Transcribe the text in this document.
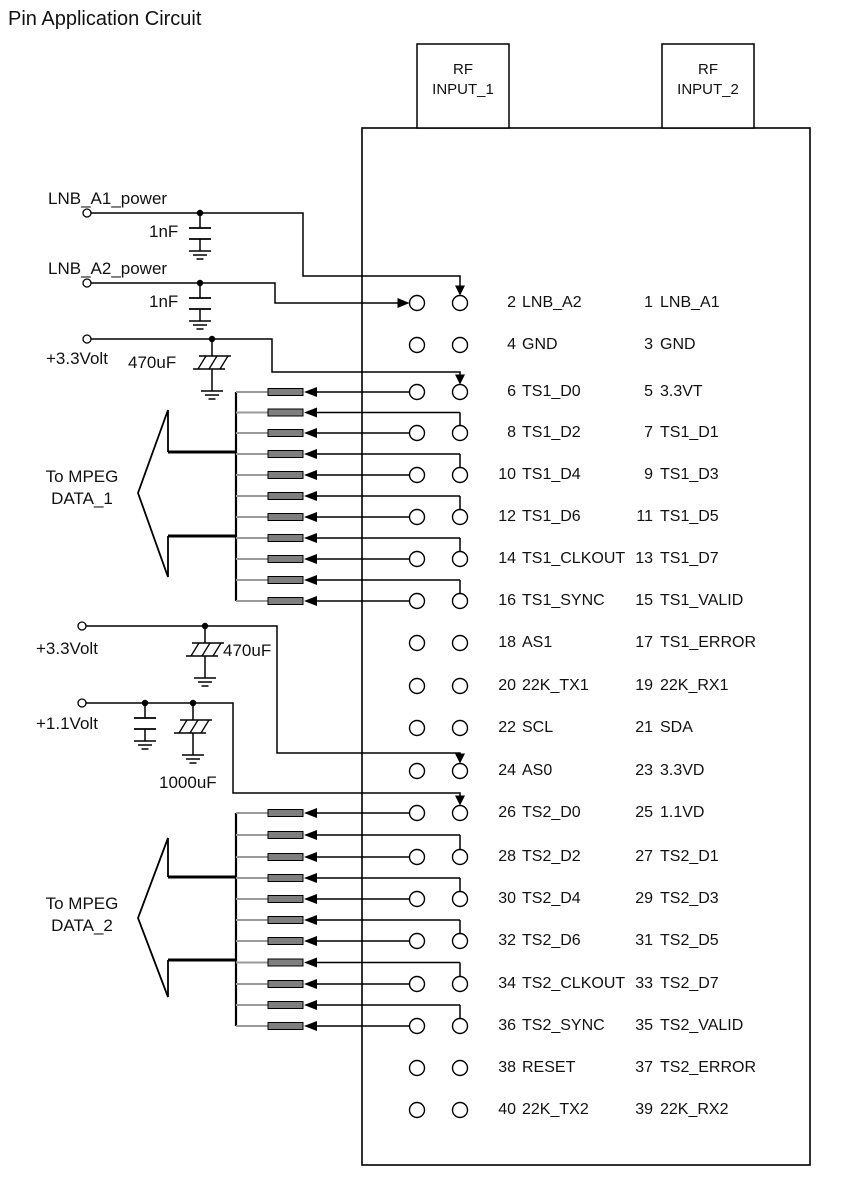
Pin Application Circuit
RF
INPUT_1
RF
INPUT_2
LNB_A1_power
1nF
LNB_A2_power
1nF
+3.3Volt 470uF
+3.3Volt	470uF
+1.1Volt
1000uF
To MPEG
DATA_1
To MPEG
DATA_2
2 LNB_A2	1 LNB_A1
4 GND	3 GND
6 TS1_D0	5 3.3VT
8 TS1_D2	7 TS1_D1
10 TS1_D4	9 TS1_D3
12 TS1_D6	11 TS1_D5
14 TS1_CLKOUT 13 TS1_D7
16 TS1_SYNC	15 TS1_VALID
18 AS1	17 TS1_ERROR
20 22K_TX1	19 22K_RX1
22 SCL	21 SDA
24 AS0	23 3.3VD
26 TS2_D0	25 1.1VD
28 TS2_D2	27 TS2_D1
30 TS2_D4	29 TS2_D3
32 TS2_D6	31 TS2_D5
34 TS2_CLKOUT 33 TS2_D7
36 TS2_SYNC	35 TS2_VALID
38 RESET	37 TS2_ERROR
40 22K_TX2	39 22K_RX2
